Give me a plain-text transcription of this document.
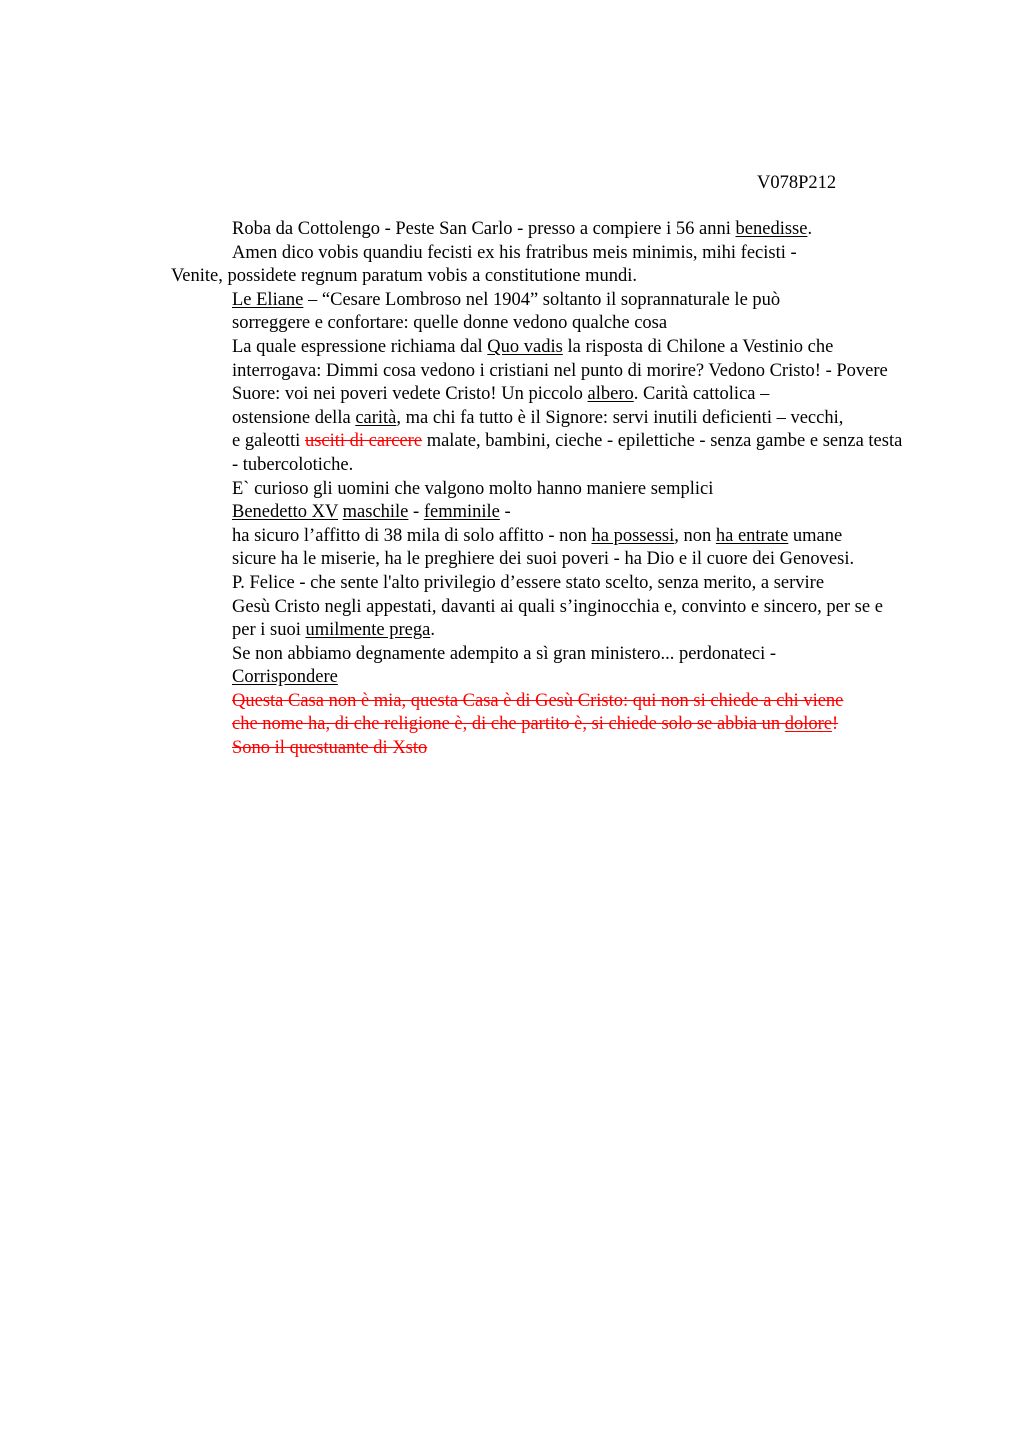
V078P212

Roba da Cottolengo - Peste San Carlo - presso a compiere i 56 anni benedisse.

Amen dico vobis quandiu fecisti ex his fratribus meis minimis, mihi fecisti -
Venite, possidete regnum paratum vobis a constitutione mundi.

Le Eliane – “Cesare Lombroso nel 1904” soltanto il soprannaturale le può
sorreggere e confortare: quelle donne vedono qualche cosa

La quale espressione richiama dal Quo vadis la risposta di Chilone a Vestinio che
interrogava: Dimmi cosa vedono i cristiani nel punto di morire? Vedono Cristo! - Povere
Suore: voi nei poveri vedete Cristo! Un piccolo albero. Carità cattolica –

ostensione della carità, ma chi fa tutto è il Signore: servi inutili deficienti – vecchi,
e galeotti usciti di carcere malate, bambini, cieche - epilettiche - senza gambe e senza testa
- tubercolotiche.

E` curioso gli uomini che valgono molto hanno maniere semplici

Benedetto XV maschile - femminile -

ha sicuro l’affitto di 38 mila di solo affitto - non ha possessi, non ha entrate umane
sicure ha le miserie, ha le preghiere dei suoi poveri - ha Dio e il cuore dei Genovesi.

P. Felice - che sente l'alto privilegio d’essere stato scelto, senza merito, a servire
Gesù Cristo negli appestati, davanti ai quali s’inginocchia e, convinto e sincero, per se e
per i suoi umilmente prega.

Se non abbiamo degnamente adempito a sì gran ministero... perdonateci -
Corrispondere

Questa Casa non è mia, questa Casa è di Gesù Cristo: qui non si chiede a chi viene
che nome ha, di che religione è, di che partito è, si chiede solo se abbia un dolore!

Sono il questuante di Xsto
